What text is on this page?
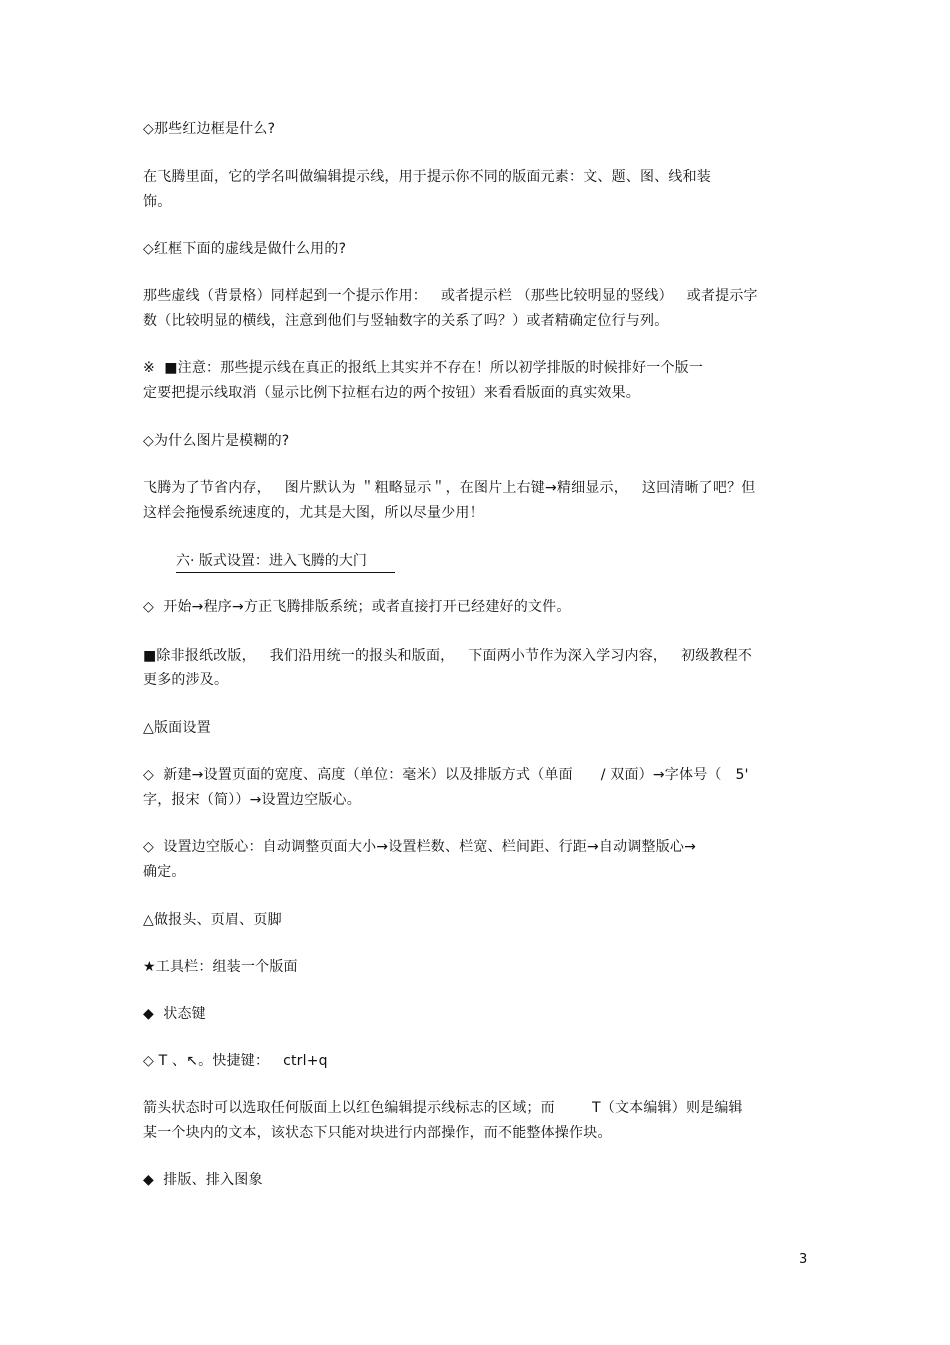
◇那些红边框是什么?
在飞腾里面，它的学名叫做编辑提示线，用于提示你不同的版面元素：文、题、图、线和装
饰。
◇红框下面的虚线是做什么用的?
那些虚线（背景格）同样起到一个提示作用：   或者提示栏 （那些比较明显的竖线）   或者提示字
数（比较明显的横线，注意到他们与竖轴数字的关系了吗？）或者精确定位行与列。
※  ■注意：那些提示线在真正的报纸上其实并不存在！所以初学排版的时候排好一个版一
定要把提示线取消（显示比例下拉框右边的两个按钮）来看看版面的真实效果。
◇为什么图片是模糊的?
飞腾为了节省内存，   图片默认为 ＂粗略显示＂，在图片上右键→精细显示，   这回清晰了吧？但
这样会拖慢系统速度的，尤其是大图，所以尽量少用！
六· 版式设置：进入飞腾的大门
◇  开始→程序→方正飞腾排版系统；或者直接打开已经建好的文件。
■除非报纸改版，   我们沿用统一的报头和版面，   下面两小节作为深入学习内容，   初级教程不
更多的涉及。
△版面设置
◇  新建→设置页面的宽度、高度（单位：毫米）以及排版方式（单面      / 双面）→字体号（   5'
字，报宋（简））→设置边空版心。
◇  设置边空版心：自动调整页面大小→设置栏数、栏宽、栏间距、行距→自动调整版心→
确定。
△做报头、页眉、页脚
★工具栏：组装一个版面
◆  状态键
◇ T 、↖。快捷键：   ctrl+q
箭头状态时可以选取任何版面上以红色编辑提示线标志的区域；而        T（文本编辑）则是编辑
某一个块内的文本，该状态下只能对块进行内部操作，而不能整体操作块。
◆  排版、排入图象
3
